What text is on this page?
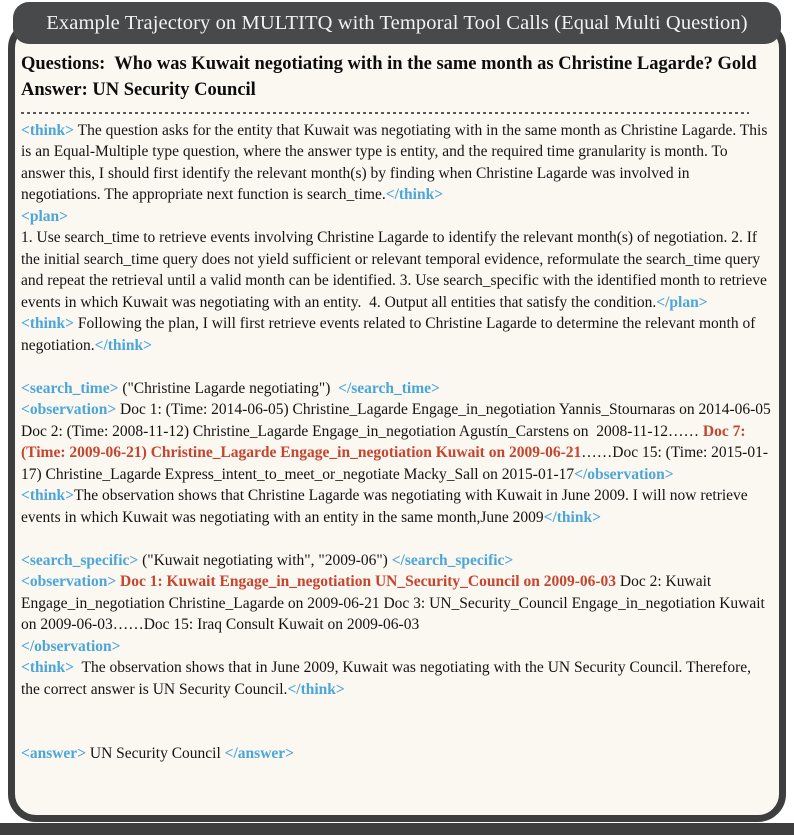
Example Trajectory on MULTITQ with Temporal Tool Calls (Equal Multi Question)
Questions:  Who was Kuwait negotiating with in the same month as Christine Lagarde? Gold Answer: UN Security Council

<think> The question asks for the entity that Kuwait was negotiating with in the same month as Christine Lagarde. This is an Equal-Multiple type question, where the answer type is entity, and the required time granularity is month. To answer this, I should first identify the relevant month(s) by finding when Christine Lagarde was involved in negotiations. The appropriate next function is search_time.</think>

<plan>

1. Use search_time to retrieve events involving Christine Lagarde to identify the relevant month(s) of negotiation. 2. If the initial search_time query does not yield sufficient or relevant temporal evidence, reformulate the search_time query and repeat the retrieval until a valid month can be identified. 3. Use search_specific with the identified month to retrieve events in which Kuwait was negotiating with an entity.  4. Output all entities that satisfy the condition.</plan>

<think> Following the plan, I will first retrieve events related to Christine Lagarde to determine the relevant month of negotiation.</think>

<search_time> ("Christine Lagarde negotiating")  </search_time>

<observation> Doc 1: (Time: 2014-06-05) Christine_Lagarde Engage_in_negotiation Yannis_Stournaras on 2014-06-05 Doc 2: (Time: 2008-11-12) Christine_Lagarde Engage_in_negotiation Agustín_Carstens on  2008-11-12…… Doc 7: (Time: 2009-06-21) Christine_Lagarde Engage_in_negotiation Kuwait on 2009-06-21……Doc 15: (Time: 2015-01-17) Christine_Lagarde Express_intent_to_meet_or_negotiate Macky_Sall on 2015-01-17</observation>

<think>The observation shows that Christine Lagarde was negotiating with Kuwait in June 2009. I will now retrieve events in which Kuwait was negotiating with an entity in the same month,June 2009</think>

<search_specific> ("Kuwait negotiating with", "2009-06") </search_specific>

<observation> Doc 1: Kuwait Engage_in_negotiation UN_Security_Council on 2009-06-03 Doc 2: Kuwait Engage_in_negotiation Christine_Lagarde on 2009-06-21 Doc 3: UN_Security_Council Engage_in_negotiation Kuwait on 2009-06-03……Doc 15: Iraq Consult Kuwait on 2009-06-03
</observation>

<think>  The observation shows that in June 2009, Kuwait was negotiating with the UN Security Council. Therefore, the correct answer is UN Security Council.</think>

<answer> UN Security Council </answer>
